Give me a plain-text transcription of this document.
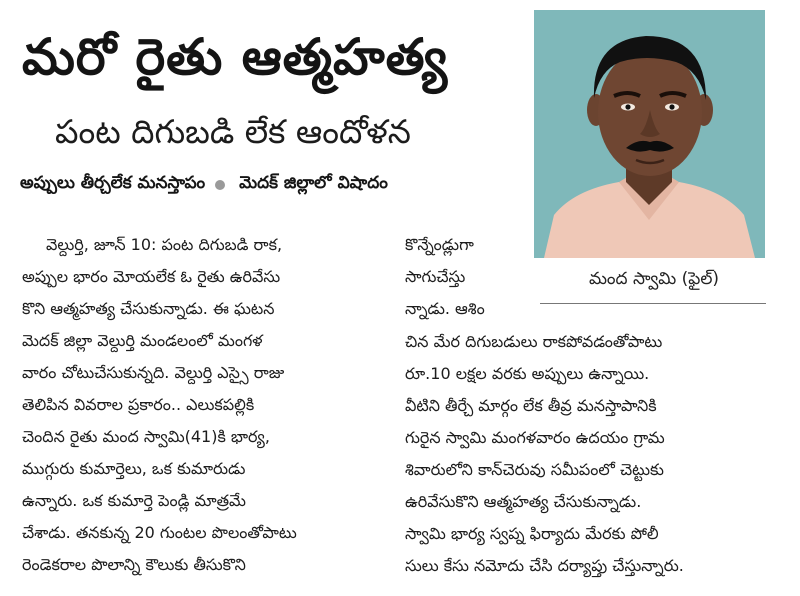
మరో రైతు ఆత్మహత్య
పంట దిగుబడి లేక ఆందోళన
అప్పులు తీర్చలేక మనస్తాపం మెదక్ జిల్లాలో విషాదం
మంద స్వామి (ఫైల్)
వెల్దుర్తి, జూన్ 10: పంట దిగుబడి రాక,
అప్పుల భారం మోయలేక ఓ రైతు ఉరివేసు
కొని ఆత్మహత్య చేసుకున్నాడు. ఈ ఘటన
మెదక్ జిల్లా వెల్దుర్తి మండలంలో మంగళ
వారం చోటుచేసుకున్నది. వెల్దుర్తి ఎస్సై రాజు
తెలిపిన వివరాల ప్రకారం.. ఎలుకపల్లికి
చెందిన రైతు మంద స్వామి(41)కి భార్య,
ముగ్గురు కుమార్తెలు, ఒక కుమారుడు
ఉన్నారు. ఒక కుమార్తె పెండ్లి మాత్రమే
చేశాడు. తనకున్న 20 గుంటల పొలంతోపాటు
రెండెకరాల పొలాన్ని కౌలుకు తీసుకొని
కొన్నేండ్లుగా
సాగుచేస్తు
న్నాడు. ఆశిం
చిన మేర దిగుబడులు రాకపోవడంతోపాటు
రూ.10 లక్షల వరకు అప్పులు ఉన్నాయి.
వీటిని తీర్చే మార్గం లేక తీవ్ర మనస్తాపానికి
గురైన స్వామి మంగళవారం ఉదయం గ్రామ
శివారులోని కాన్‌చెరువు సమీపంలో చెట్టుకు
ఉరివేసుకొని ఆత్మహత్య చేసుకున్నాడు.
స్వామి భార్య స్వప్న ఫిర్యాదు మేరకు పోలీ
సులు కేసు నమోదు చేసి దర్యాప్తు చేస్తున్నారు.
